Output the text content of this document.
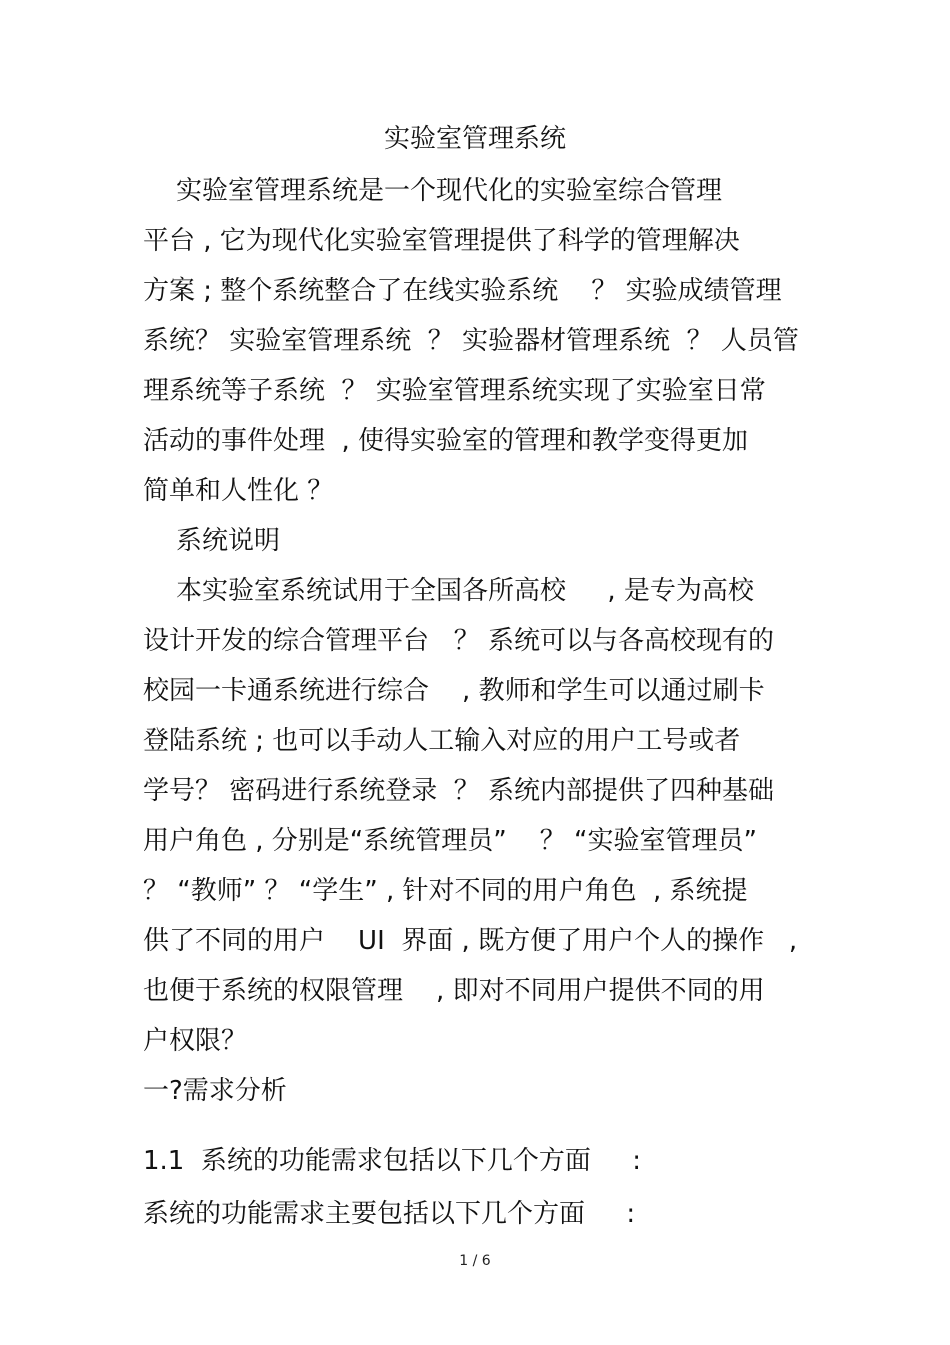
实验室管理系统
实验室管理系统是一个现代化的实验室综合管理
平台 , 它为现代化实验室管理提供了科学的管理解决
方案 ; 整个系统整合了在线实验系统    ？ 实验成绩管理
系统？ 实验室管理系统  ？ 实验器材管理系统  ？ 人员管
理系统等子系统  ？ 实验室管理系统实现了实验室日常
活动的事件处理  , 使得实验室的管理和教学变得更加
简单和人性化 ？
系统说明
本实验室系统试用于全国各所高校     , 是专为高校
设计开发的综合管理平台   ？ 系统可以与各高校现有的
校园一卡通系统进行综合    , 教师和学生可以通过刷卡
登陆系统 ; 也可以手动人工输入对应的用户工号或者
学号？ 密码进行系统登录  ？ 系统内部提供了四种基础
用户角色 , 分别是“系统管理员”    ？ “实验室管理员”
？ “教师” ？ “学生” , 针对不同的用户角色  , 系统提
供了不同的用户    UI  界面 , 既方便了用户个人的操作   ,
也便于系统的权限管理    , 即对不同用户提供不同的用
户权限？
一?需求分析
1.1  系统的功能需求包括以下几个方面     :
系统的功能需求主要包括以下几个方面     :
1 / 6
